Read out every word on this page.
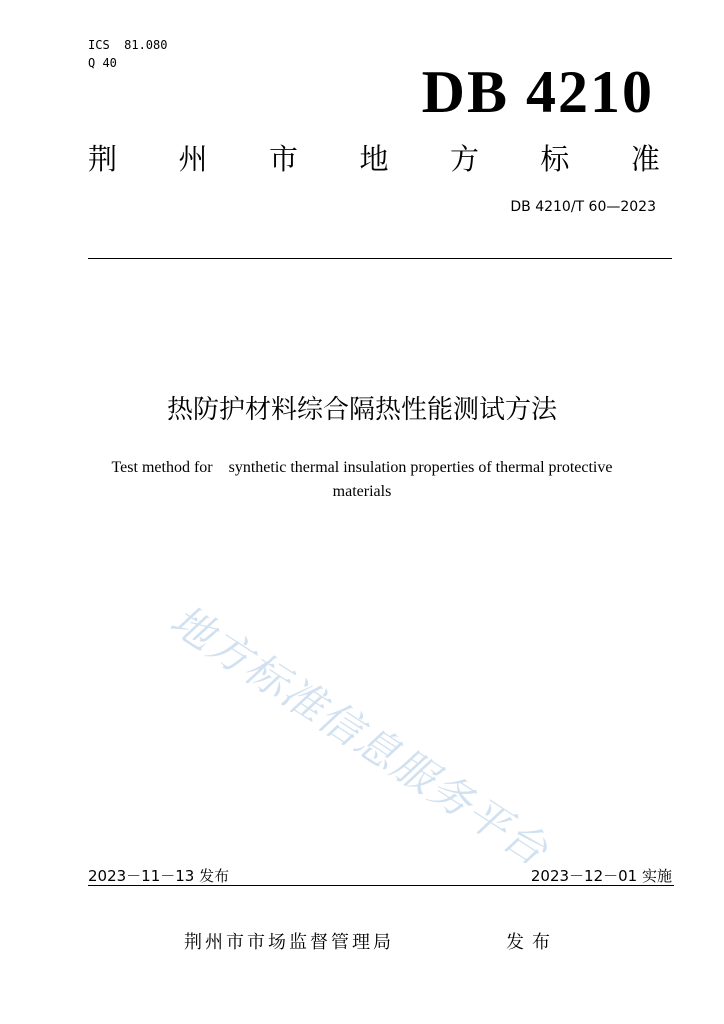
ICS  81.080
Q 40	DB 4210
荆 州 市 地 方 标 准
DB 4210/T 60—2023
热防护材料综合隔热性能测试方法
Test method for    synthetic thermal insulation properties of thermal protective
materials
地方标准信息服务平台
2023－11－13 发布	2023－12－01 实施
荆州市市场监督管理局	发布
